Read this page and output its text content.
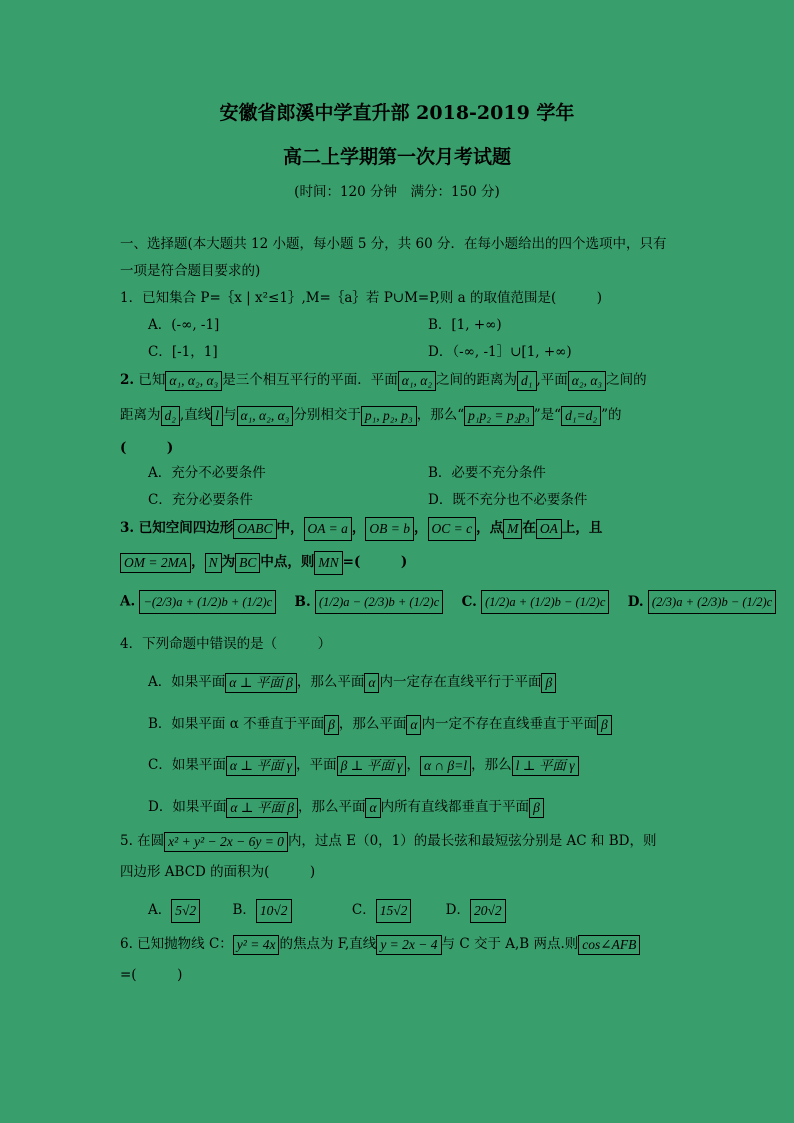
安徽省郎溪中学直升部 2018-2019 学年
高二上学期第一次月考试题
(时间：120 分钟　满分：150 分)
一、选择题(本大题共 12 小题，每小题 5 分，共 60 分．在每小题给出的四个选项中，只有
一项是符合题目要求的)
1．已知集合 P=｛x | x²≤1｝,M=｛a｝若 P∪M=P,则 a 的取值范围是(　　　)
A．(-∞, -1]	B．[1, +∞)
C．[-1，1]	D．（-∞, -1］∪[1, +∞)
2. 已知 α₁, α₂, α₃ 是三个相互平行的平面．平面 α₁, α₂ 之间的距离为 d₁ ,平面 α₂, α₃ 之间的
距离为 d₂ ,直线 l 与 α₁, α₂, α₃ 分别相交于 p₁, p₂, p₃ ，那么“ p₁p₂ = p₂p₃ ”是“ d₁=d₂ ”的
(　　　)
A．充分不必要条件	B．必要不充分条件
C．充分必要条件	D．既不充分也不必要条件
3. 已知空间四边形 OABC 中， OA = a ， OB = b ， OC = c ，点 M 在 OA 上，且
OM = 2MA ， N 为 BC 中点，则 MN =(　　　)
A. −(2/3)a + (1/2)b + (1/2)c B. (1/2)a − (2/3)b + (1/2)c C. (1/2)a + (1/2)b − (1/2)c D. (2/3)a + (2/3)b − (1/2)c
4．下列命题中错误的是（　　　）
A．如果平面 α ⊥ 平面 β ，那么平面 α 内一定存在直线平行于平面 β
B．如果平面 α 不垂直于平面 β ，那么平面 α 内一定不存在直线垂直于平面 β
C．如果平面 α ⊥ 平面 γ ，平面 β ⊥ 平面 γ ， α ∩ β=l ，那么 l ⊥ 平面 γ
D．如果平面 α ⊥ 平面 β ，那么平面 α 内所有直线都垂直于平面 β
5. 在圆 x² + y² − 2x − 6y = 0 内，过点 E（0，1）的最长弦和最短弦分别是 AC 和 BD，则
四边形 ABCD 的面积为(　　　)
A． 5√2	B． 10√2	C． 15√2	D． 20√2
6. 已知抛物线 C： y² = 4x 的焦点为 F,直线 y = 2x − 4 与 C 交于 A,B 两点.则 cos∠AFB
=(　　　)
